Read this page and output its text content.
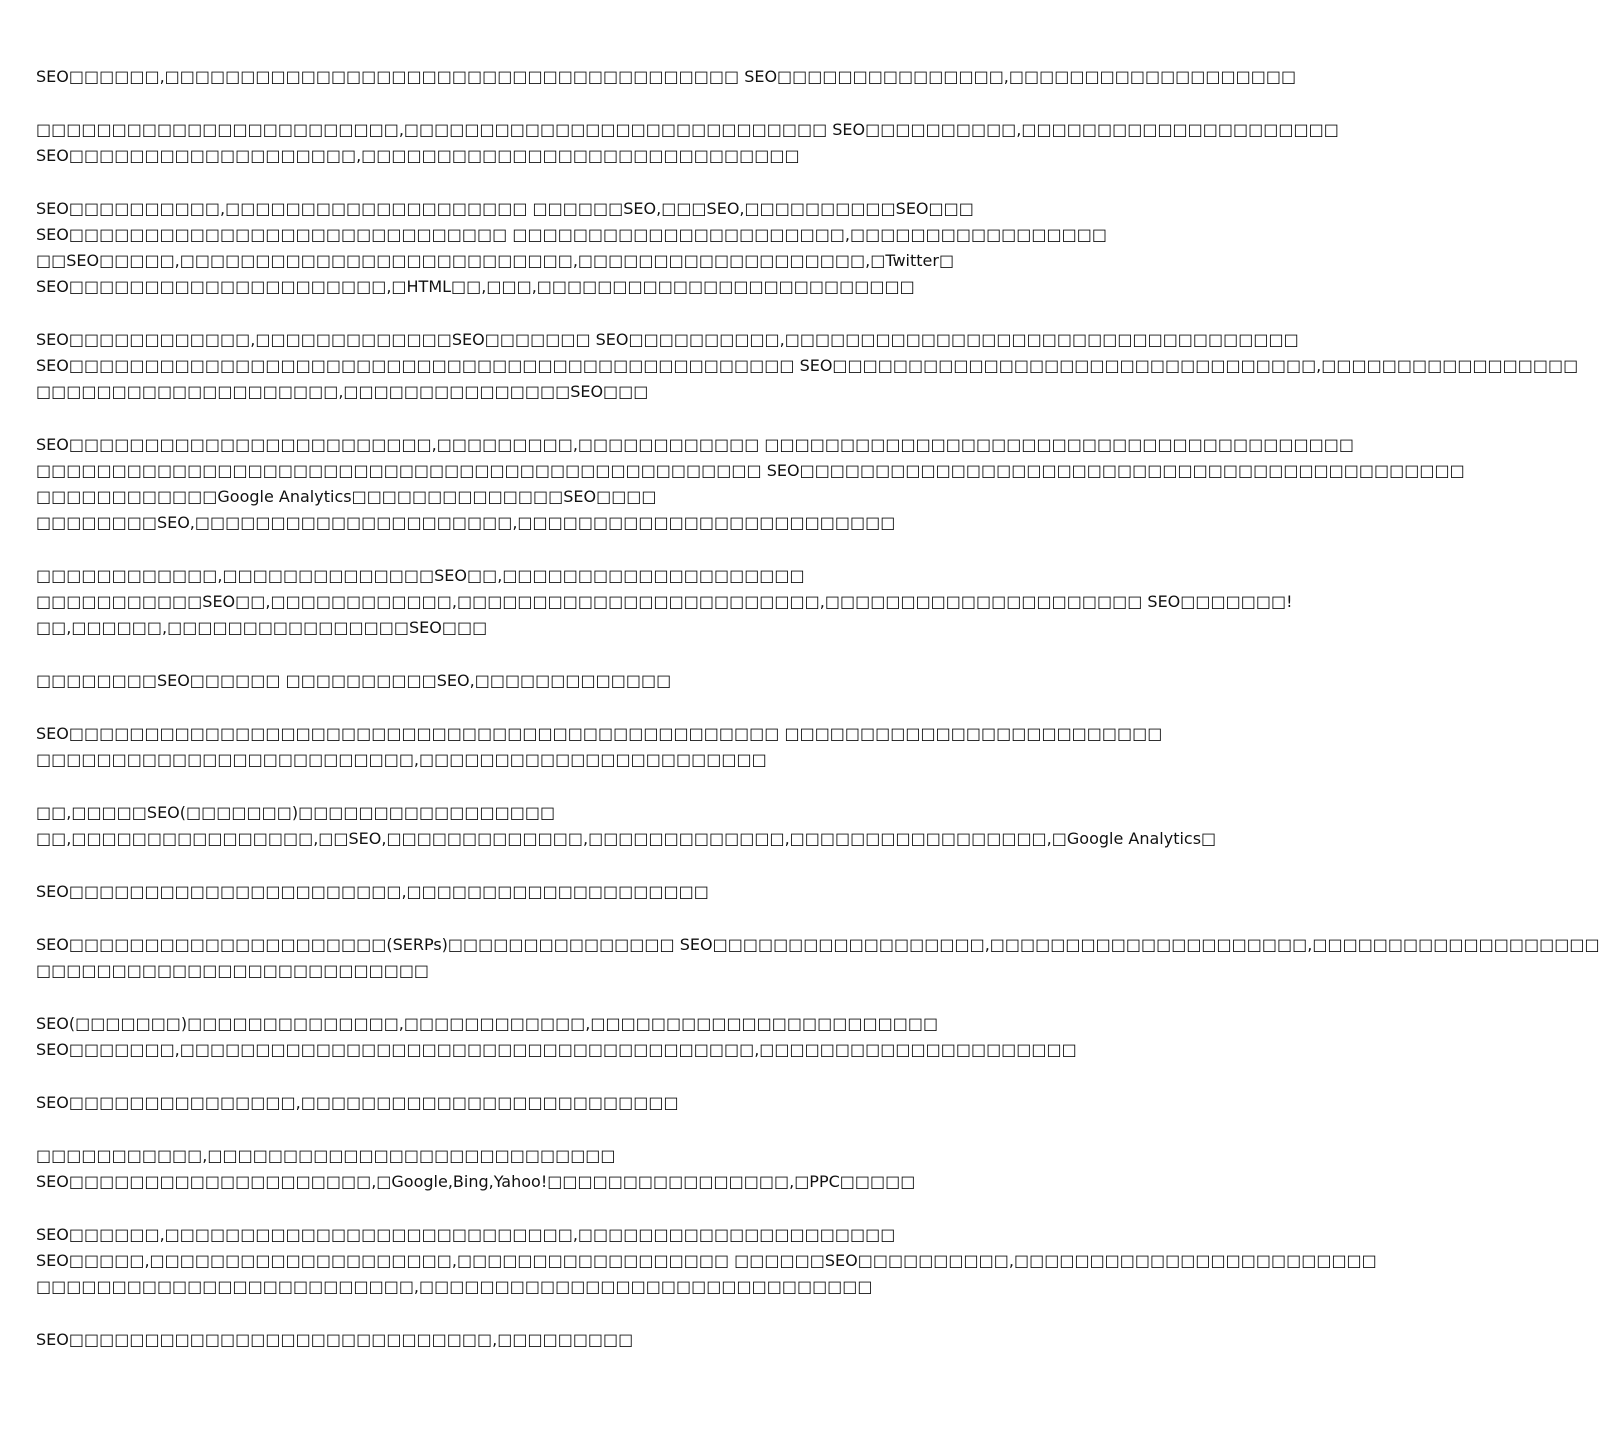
SEO□□□□□□,□□□□□□□□□□□□□□□□□□□□□□□□□□□□□□□□□□□□□□ SEO□□□□□□□□□□□□□□□,□□□□□□□□□□□□□□□□□□□

□□□□□□□□□□□□□□□□□□□□□□□□,□□□□□□□□□□□□□□□□□□□□□□□□□□□□ SEO□□□□□□□□□□,□□□□□□□□□□□□□□□□□□□□□
SEO□□□□□□□□□□□□□□□□□□□,□□□□□□□□□□□□□□□□□□□□□□□□□□□□□

SEO□□□□□□□□□□,□□□□□□□□□□□□□□□□□□□□ □□□□□□SEO,□□□SEO,□□□□□□□□□□SEO□□□
SEO□□□□□□□□□□□□□□□□□□□□□□□□□□□□□ □□□□□□□□□□□□□□□□□□□□□□,□□□□□□□□□□□□□□□□□
□□SEO□□□□□,□□□□□□□□□□□□□□□□□□□□□□□□□□,□□□□□□□□□□□□□□□□□□□,□Twitter□
SEO□□□□□□□□□□□□□□□□□□□□□,□HTML□□,□□□,□□□□□□□□□□□□□□□□□□□□□□□□□

SEO□□□□□□□□□□□□,□□□□□□□□□□□□□SEO□□□□□□□ SEO□□□□□□□□□□,□□□□□□□□□□□□□□□□□□□□□□□□□□□□□□□□□□
SEO□□□□□□□□□□□□□□□□□□□□□□□□□□□□□□□□□□□□□□□□□□□□□□□□ SEO□□□□□□□□□□□□□□□□□□□□□□□□□□□□□□□□,□□□□□□□□□□□□□□□□□
□□□□□□□□□□□□□□□□□□□□,□□□□□□□□□□□□□□□SEO□□□

SEO□□□□□□□□□□□□□□□□□□□□□□□□,□□□□□□□□□,□□□□□□□□□□□□ □□□□□□□□□□□□□□□□□□□□□□□□□□□□□□□□□□□□□□□
□□□□□□□□□□□□□□□□□□□□□□□□□□□□□□□□□□□□□□□□□□□□□□□□ SEO□□□□□□□□□□□□□□□□□□□□□□□□□□□□□□□□□□□□□□□□□□□□
□□□□□□□□□□□□Google Analytics□□□□□□□□□□□□□□SEO□□□□
□□□□□□□□SEO,□□□□□□□□□□□□□□□□□□□□□,□□□□□□□□□□□□□□□□□□□□□□□□□

□□□□□□□□□□□□,□□□□□□□□□□□□□□SEO□□,□□□□□□□□□□□□□□□□□□□□
□□□□□□□□□□□SEO□□,□□□□□□□□□□□□,□□□□□□□□□□□□□□□□□□□□□□□□,□□□□□□□□□□□□□□□□□□□□□ SEO□□□□□□□!
□□,□□□□□□,□□□□□□□□□□□□□□□□SEO□□□

□□□□□□□□SEO□□□□□□ □□□□□□□□□□SEO,□□□□□□□□□□□□□

SEO□□□□□□□□□□□□□□□□□□□□□□□□□□□□□□□□□□□□□□□□□□□□□□□ □□□□□□□□□□□□□□□□□□□□□□□□□
□□□□□□□□□□□□□□□□□□□□□□□□□,□□□□□□□□□□□□□□□□□□□□□□□

□□,□□□□□SEO(□□□□□□□)□□□□□□□□□□□□□□□□□
□□,□□□□□□□□□□□□□□□□,□□SEO,□□□□□□□□□□□□□,□□□□□□□□□□□□□,□□□□□□□□□□□□□□□□□,□Google Analytics□

SEO□□□□□□□□□□□□□□□□□□□□□□,□□□□□□□□□□□□□□□□□□□□

SEO□□□□□□□□□□□□□□□□□□□□□(SERPs)□□□□□□□□□□□□□□□ SEO□□□□□□□□□□□□□□□□□□,□□□□□□□□□□□□□□□□□□□□□,□□□□□□□□□□□□□□□□□□□
□□□□□□□□□□□□□□□□□□□□□□□□□□

SEO(□□□□□□□)□□□□□□□□□□□□□□,□□□□□□□□□□□□,□□□□□□□□□□□□□□□□□□□□□□□
SEO□□□□□□□,□□□□□□□□□□□□□□□□□□□□□□□□□□□□□□□□□□□□□□,□□□□□□□□□□□□□□□□□□□□□

SEO□□□□□□□□□□□□□□□,□□□□□□□□□□□□□□□□□□□□□□□□□

□□□□□□□□□□□,□□□□□□□□□□□□□□□□□□□□□□□□□□□
SEO□□□□□□□□□□□□□□□□□□□□,□Google,Bing,Yahoo!□□□□□□□□□□□□□□□□,□PPC□□□□□

SEO□□□□□□,□□□□□□□□□□□□□□□□□□□□□□□□□□□,□□□□□□□□□□□□□□□□□□□□□
SEO□□□□□,□□□□□□□□□□□□□□□□□□□□,□□□□□□□□□□□□□□□□□□ □□□□□□SEO□□□□□□□□□□,□□□□□□□□□□□□□□□□□□□□□□□□
□□□□□□□□□□□□□□□□□□□□□□□□□,□□□□□□□□□□□□□□□□□□□□□□□□□□□□□□

SEO□□□□□□□□□□□□□□□□□□□□□□□□□□□□,□□□□□□□□□
